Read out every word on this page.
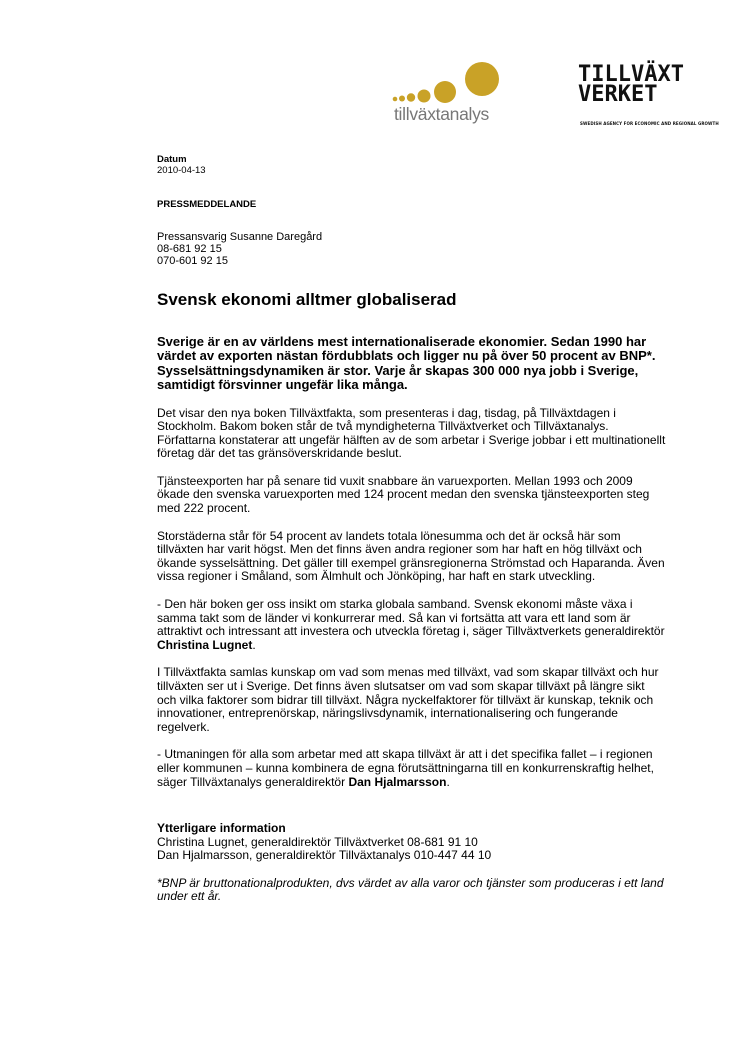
tillväxtanalys
TILLVÄXT
VERKET
SWEDISH AGENCY FOR ECONOMIC AND REGIONAL GROWTH
Datum
2010-04-13
PRESSMEDDELANDE
Pressansvarig Susanne Daregård
08-681 92 15
070-601 92 15
Svensk ekonomi alltmer globaliserad
Sverige är en av världens mest internationaliserade ekonomier. Sedan 1990 har värdet av exporten nästan fördubblats och ligger nu på över 50 procent av BNP*. Sysselsättningsdynamiken är stor. Varje år skapas 300 000 nya jobb i Sverige, samtidigt försvinner ungefär lika många.

Det visar den nya boken Tillväxtfakta, som presenteras i dag, tisdag, på Tillväxtdagen i Stockholm. Bakom boken står de två myndigheterna Tillväxtverket och Tillväxtanalys. Författarna konstaterar att ungefär hälften av de som arbetar i Sverige jobbar i ett multinationellt företag där det tas gränsöverskridande beslut.

Tjänsteexporten har på senare tid vuxit snabbare än varuexporten. Mellan 1993 och 2009 ökade den svenska varuexporten med 124 procent medan den svenska tjänsteexporten steg med 222 procent.

Storstäderna står för 54 procent av landets totala lönesumma och det är också här som tillväxten har varit högst. Men det finns även andra regioner som har haft en hög tillväxt och ökande sysselsättning. Det gäller till exempel gränsregionerna Strömstad och Haparanda. Även vissa regioner i Småland, som Älmhult och Jönköping, har haft en stark utveckling.

- Den här boken ger oss insikt om starka globala samband. Svensk ekonomi måste växa i samma takt som de länder vi konkurrerar med. Så kan vi fortsätta att vara ett land som är attraktivt och intressant att investera och utveckla företag i, säger Tillväxtverkets generaldirektör Christina Lugnet.

I Tillväxtfakta samlas kunskap om vad som menas med tillväxt, vad som skapar tillväxt och hur tillväxten ser ut i Sverige. Det finns även slutsatser om vad som skapar tillväxt på längre sikt och vilka faktorer som bidrar till tillväxt. Några nyckelfaktorer för tillväxt är kunskap, teknik och innovationer, entreprenörskap, näringslivsdynamik, internationalisering och fungerande regelverk.

- Utmaningen för alla som arbetar med att skapa tillväxt är att i det specifika fallet – i regionen eller kommunen – kunna kombinera de egna förutsättningarna till en konkurrenskraftig helhet, säger Tillväxtanalys generaldirektör Dan Hjalmarsson.

Ytterligare information
Christina Lugnet, generaldirektör Tillväxtverket 08-681 91 10
Dan Hjalmarsson, generaldirektör Tillväxtanalys 010-447 44 10
*BNP är bruttonationalprodukten, dvs värdet av alla varor och tjänster som produceras i ett land under ett år.
